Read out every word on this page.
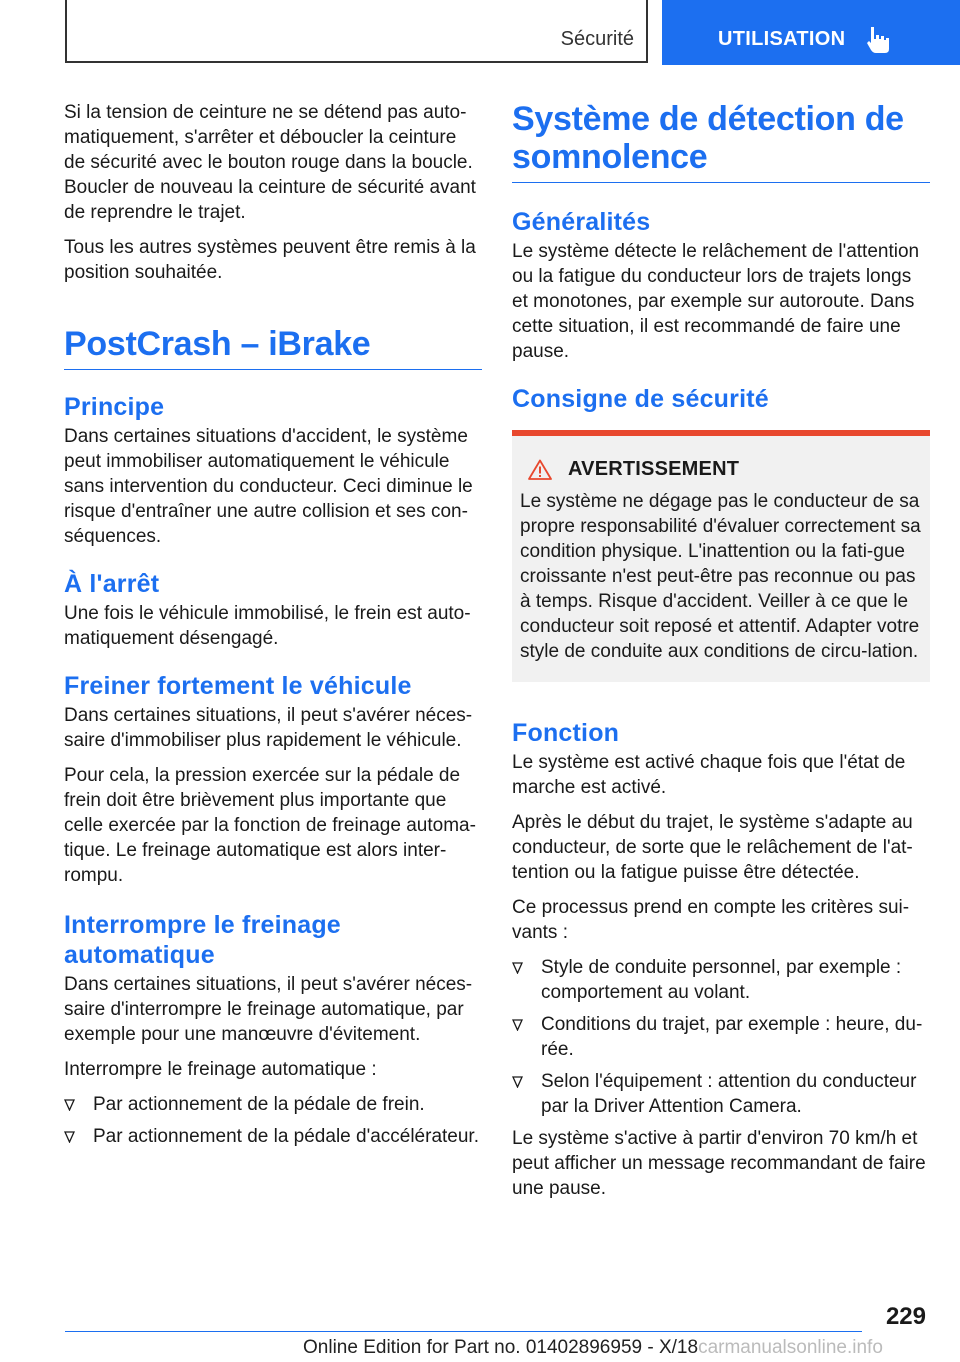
Sécurité	UTILISATION

Si la tension de ceinture ne se détend pas auto-matiquement, s'arrêter et déboucler la ceinture de sécurité avec le bouton rouge dans la boucle. Boucler de nouveau la ceinture de sécurité avant de reprendre le trajet.

Tous les autres systèmes peuvent être remis à la position souhaitée.

PostCrash – iBrake
Principe

Dans certaines situations d'accident, le système peut immobiliser automatiquement le véhicule sans intervention du conducteur. Ceci diminue le risque d'entraîner une autre collision et ses con-séquences.

À l'arrêt

Une fois le véhicule immobilisé, le frein est auto-matiquement désengagé.

Freiner fortement le véhicule

Dans certaines situations, il peut s'avérer néces-saire d'immobiliser plus rapidement le véhicule.

Pour cela, la pression exercée sur la pédale de frein doit être brièvement plus importante que celle exercée par la fonction de freinage automa-tique. Le freinage automatique est alors inter-rompu.

Interrompre le freinage automatique

Dans certaines situations, il peut s'avérer néces-saire d'interrompre le freinage automatique, par exemple pour une manœuvre d'évitement.

Interrompre le freinage automatique :

Par actionnement de la pédale de frein.
Par actionnement de la pédale d'accélérateur.
Système de détection de somnolence
Généralités

Le système détecte le relâchement de l'attention ou la fatigue du conducteur lors de trajets longs et monotones, par exemple sur autoroute. Dans cette situation, il est recommandé de faire une pause.

Consigne de sécurité
AVERTISSEMENT

Le système ne dégage pas le conducteur de sa propre responsabilité d'évaluer correctement sa condition physique. L'inattention ou la fati-gue croissante n'est peut-être pas reconnue ou pas à temps. Risque d'accident. Veiller à ce que le conducteur soit reposé et attentif. Adapter votre style de conduite aux conditions de circu-lation.

Fonction

Le système est activé chaque fois que l'état de marche est activé.

Après le début du trajet, le système s'adapte au conducteur, de sorte que le relâchement de l'at-tention ou la fatigue puisse être détectée.

Ce processus prend en compte les critères sui-vants :

Style de conduite personnel, par exemple : comportement au volant.
Conditions du trajet, par exemple : heure, du-rée.
Selon l'équipement : attention du conducteur par la Driver Attention Camera.

Le système s'active à partir d'environ 70 km/h et peut afficher un message recommandant de faire une pause.

229
Online Edition for Part no. 01402896959 - X/18carmanualsonline.info
